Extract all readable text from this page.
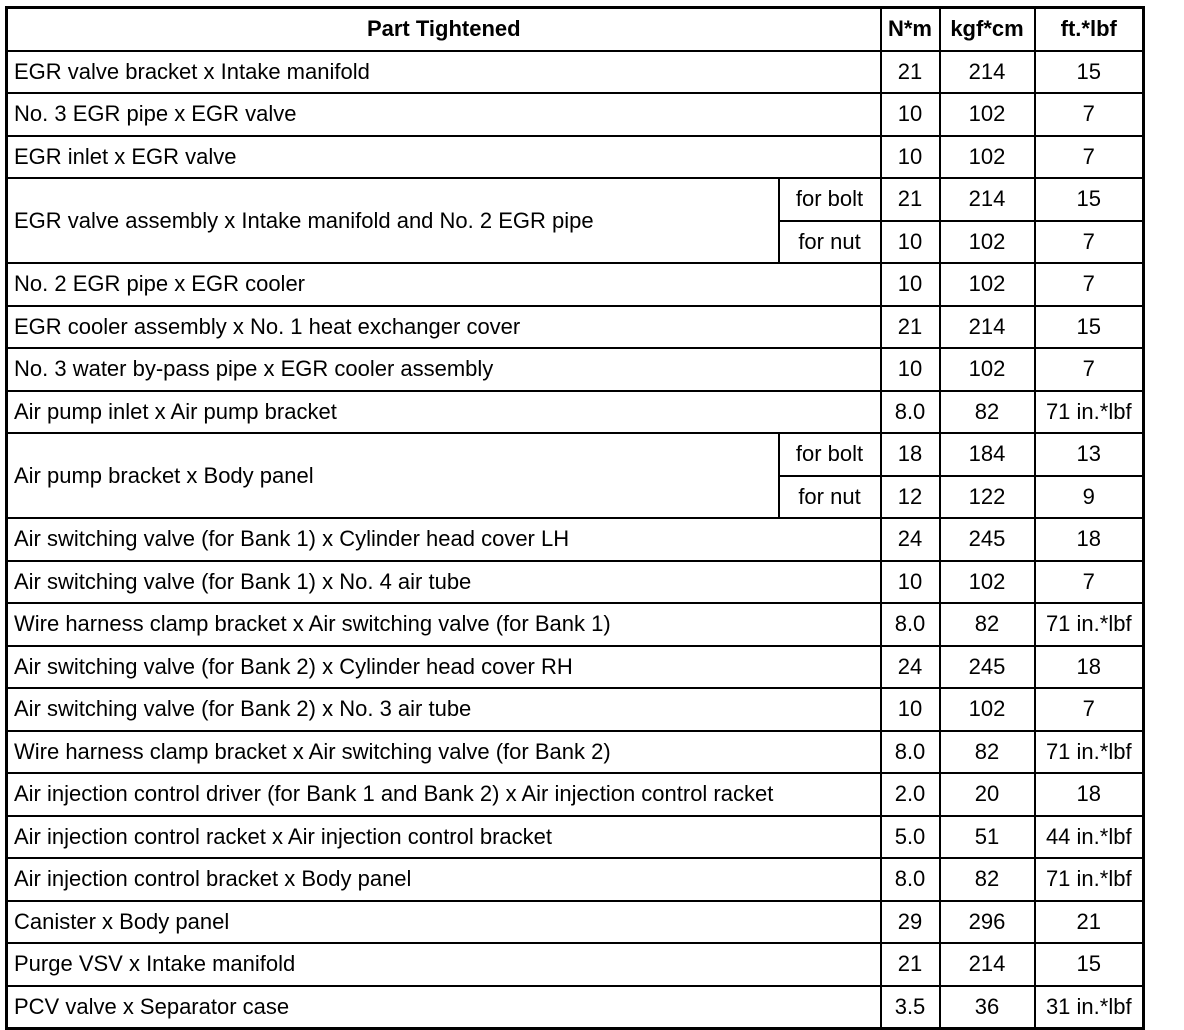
Part Tightened		N*m	kgf*cm	ft.*lbf
EGR valve bracket x Intake manifold		21	214	15
No. 3 EGR pipe x EGR valve		10	102	7
EGR inlet x EGR valve		10	102	7
EGR valve assembly x Intake manifold and No. 2 EGR pipe	for bolt	21	214	15
	for nut	10	102	7
No. 2 EGR pipe x EGR cooler		10	102	7
EGR cooler assembly x No. 1 heat exchanger cover		21	214	15
No. 3 water by-pass pipe x EGR cooler assembly		10	102	7
Air pump inlet x Air pump bracket		8.0	82	71 in.*lbf
Air pump bracket x Body panel	for bolt	18	184	13
	for nut	12	122	9
Air switching valve (for Bank 1) x Cylinder head cover LH		24	245	18
Air switching valve (for Bank 1) x No. 4 air tube		10	102	7
Wire harness clamp bracket x Air switching valve (for Bank 1)		8.0	82	71 in.*lbf
Air switching valve (for Bank 2) x Cylinder head cover RH		24	245	18
Air switching valve (for Bank 2) x No. 3 air tube		10	102	7
Wire harness clamp bracket x Air switching valve (for Bank 2)		8.0	82	71 in.*lbf
Air injection control driver (for Bank 1 and Bank 2) x Air injection control racket		2.0	20	18
Air injection control racket x Air injection control bracket		5.0	51	44 in.*lbf
Air injection control bracket x Body panel		8.0	82	71 in.*lbf
Canister x Body panel		29	296	21
Purge VSV x Intake manifold		21	214	15
PCV valve x Separator case		3.5	36	31 in.*lbf
